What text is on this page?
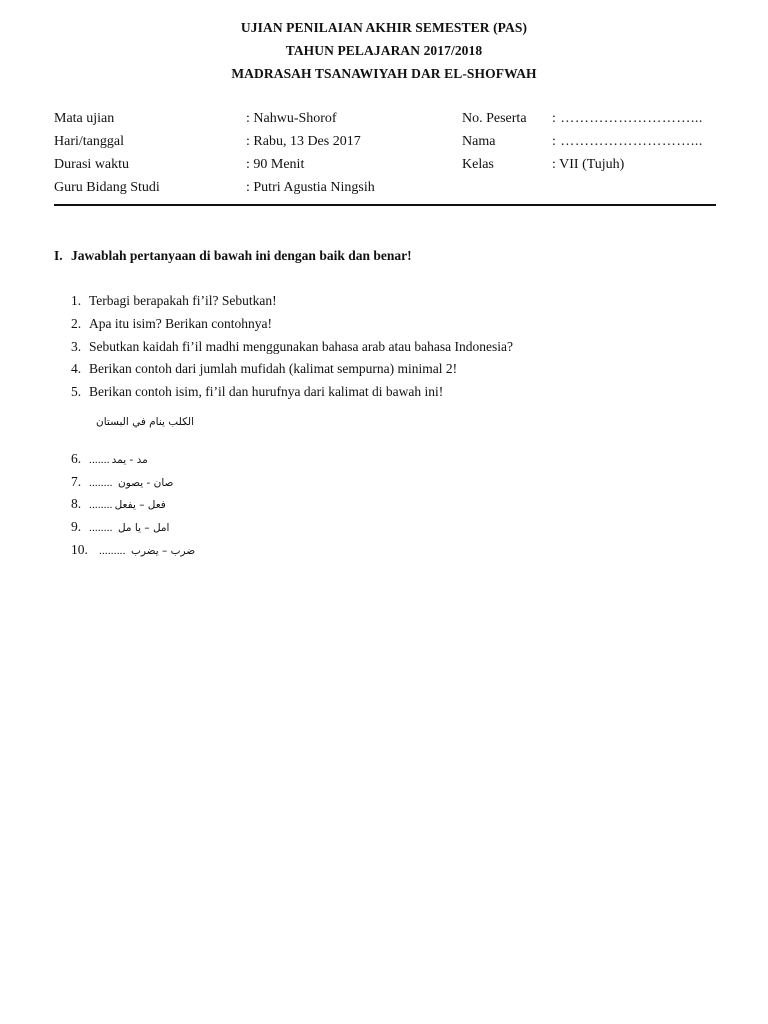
UJIAN PENILAIAN AKHIR SEMESTER (PAS)
TAHUN PELAJARAN 2017/2018
MADRASAH TSANAWIYAH DAR EL-SHOFWAH
Mata ujian	: Nahwu-Shorof	No. Peserta : ………………………...
Hari/tanggal	: Rabu, 13 Des 2017	Nama	: ………………………...
Durasi waktu	: 90 Menit	Kelas	: VII (Tujuh)
Guru Bidang Studi	: Putri Agustia Ningsih
I. Jawablah pertanyaan di bawah ini dengan baik dan benar!
1. Terbagi berapakah fi’il? Sebutkan!
2. Apa itu isim? Berikan contohnya!
3. Sebutkan kaidah fi’il madhi menggunakan bahasa arab atau bahasa Indonesia?
4. Berikan contoh dari jumlah mufidah (kalimat sempurna) minimal 2!
5. Berikan contoh isim, fi’il dan hurufnya dari kalimat di bawah ini!
الكلب ينام في البستان
6. ....... مد - يمد
7. ........ صان - يصون
8. ........ فعل – يفعل
9. ........ امل – يا مل
10. ......... ضرب – يضرب
